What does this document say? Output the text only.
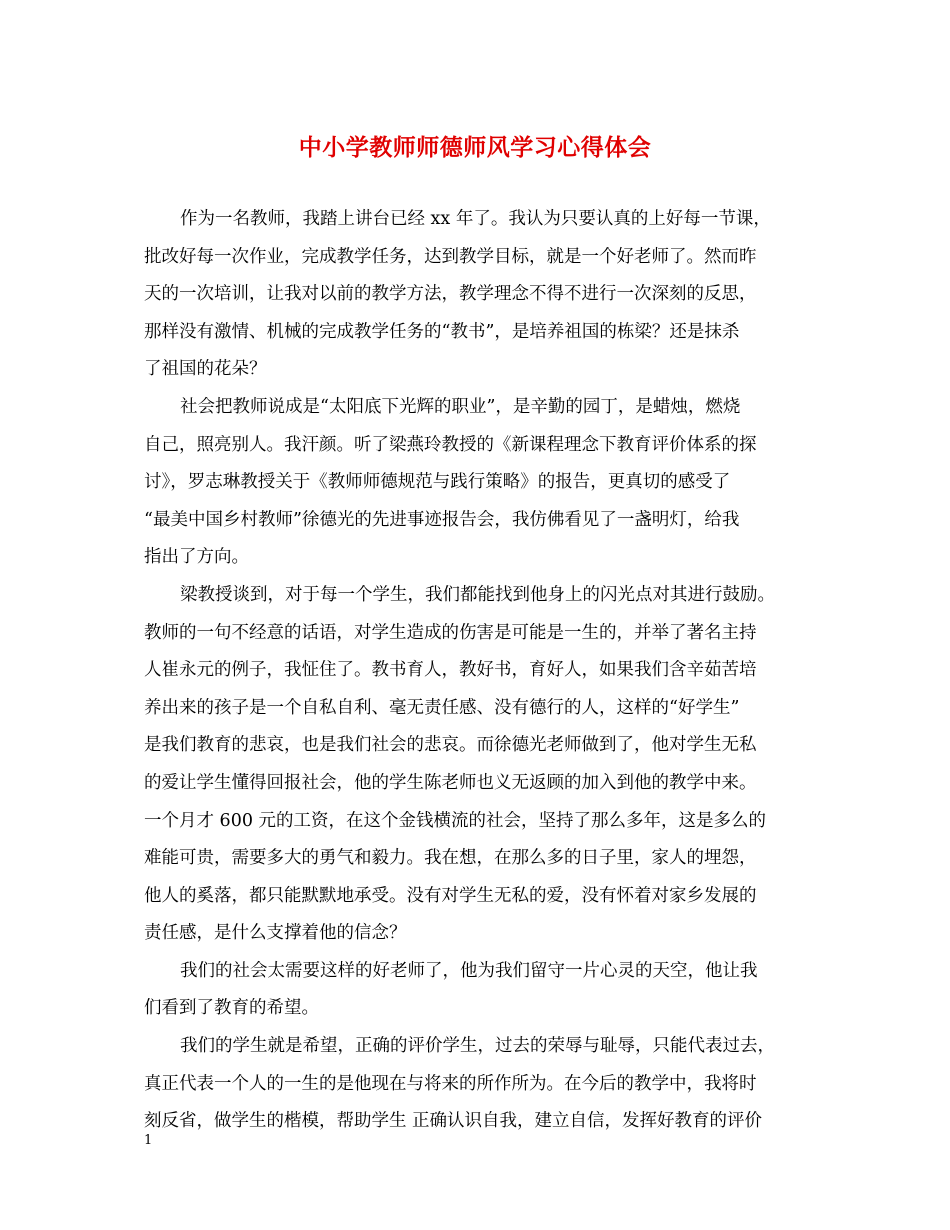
中小学教师师德师风学习心得体会
作为一名教师，我踏上讲台已经 xx 年了。我认为只要认真的上好每一节课，
批改好每一次作业，完成教学任务，达到教学目标，就是一个好老师了。然而昨
天的一次培训，让我对以前的教学方法，教学理念不得不进行一次深刻的反思，
那样没有激情、机械的完成教学任务的“教书”，是培养祖国的栋梁？还是抹杀
了祖国的花朵？
社会把教师说成是“太阳底下光辉的职业”，是辛勤的园丁，是蜡烛，燃烧
自己，照亮别人。我汗颜。听了梁燕玲教授的《新课程理念下教育评价体系的探
讨》，罗志琳教授关于《教师师德规范与践行策略》的报告，更真切的感受了
“最美中国乡村教师”徐德光的先进事迹报告会，我仿佛看见了一盏明灯，给我
指出了方向。
梁教授谈到，对于每一个学生，我们都能找到他身上的闪光点对其进行鼓励。
教师的一句不经意的话语，对学生造成的伤害是可能是一生的，并举了著名主持
人崔永元的例子，我怔住了。教书育人，教好书，育好人，如果我们含辛茹苦培
养出来的孩子是一个自私自利、毫无责任感、没有德行的人，这样的“好学生”
是我们教育的悲哀，也是我们社会的悲哀。而徐德光老师做到了，他对学生无私
的爱让学生懂得回报社会，他的学生陈老师也义无返顾的加入到他的教学中来。
一个月才 600 元的工资，在这个金钱横流的社会，坚持了那么多年，这是多么的
难能可贵，需要多大的勇气和毅力。我在想，在那么多的日子里，家人的埋怨，
他人的奚落，都只能默默地承受。没有对学生无私的爱，没有怀着对家乡发展的
责任感，是什么支撑着他的信念？
我们的社会太需要这样的好老师了，他为我们留守一片心灵的天空，他让我
们看到了教育的希望。
我们的学生就是希望，正确的评价学生，过去的荣辱与耻辱，只能代表过去，
真正代表一个人的一生的是他现在与将来的所作所为。在今后的教学中，我将时
刻反省，做学生的楷模，帮助学生 正确认识自我，建立自信，发挥好教育的评价
1
